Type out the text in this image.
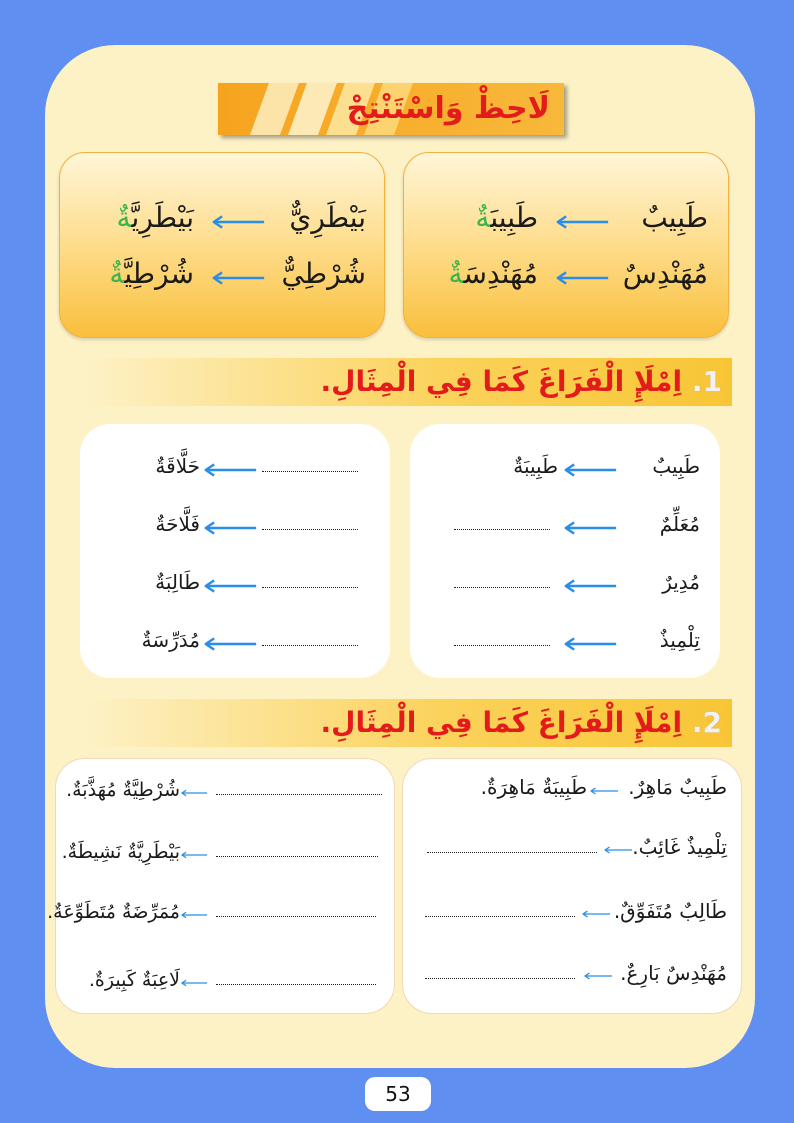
لَاحِظْ وَاسْتَنْتِجْ
طَبِيبٌ
طَبِيبَةٌ
مُهَنْدِسٌ
مُهَنْدِسَةٌ
بَيْطَرِيٌّ
بَيْطَرِيَّةٌ
شُرْطِيٌّ
شُرْطِيَّةٌ
1. اِمْلَإِ الْفَرَاغَ كَمَا فِي الْمِثَالِ.
طَبِيبٌ
طَبِيبَةٌ
مُعَلِّمٌ
مُدِيرٌ
تِلْمِيذٌ
حَلَّاقَةٌ
فَلَّاحَةٌ
طَالِبَةٌ
مُدَرِّسَةٌ
2. اِمْلَإِ الْفَرَاغَ كَمَا فِي الْمِثَالِ.
طَبِيبٌ مَاهِرٌ.
طَبِيبَةٌ مَاهِرَةٌ.
تِلْمِيذٌ غَائِبٌ.
طَالِبٌ مُتَفَوِّقٌ.
مُهَنْدِسٌ بَارِعٌ.
شُرْطِيَّةٌ مُهَذَّبَةٌ.
بَيْطَرِيَّةٌ نَشِيطَةٌ.
مُمَرِّضَةٌ مُتَطَوِّعَةٌ.
لَاعِبَةٌ كَبِيرَةٌ.
53
